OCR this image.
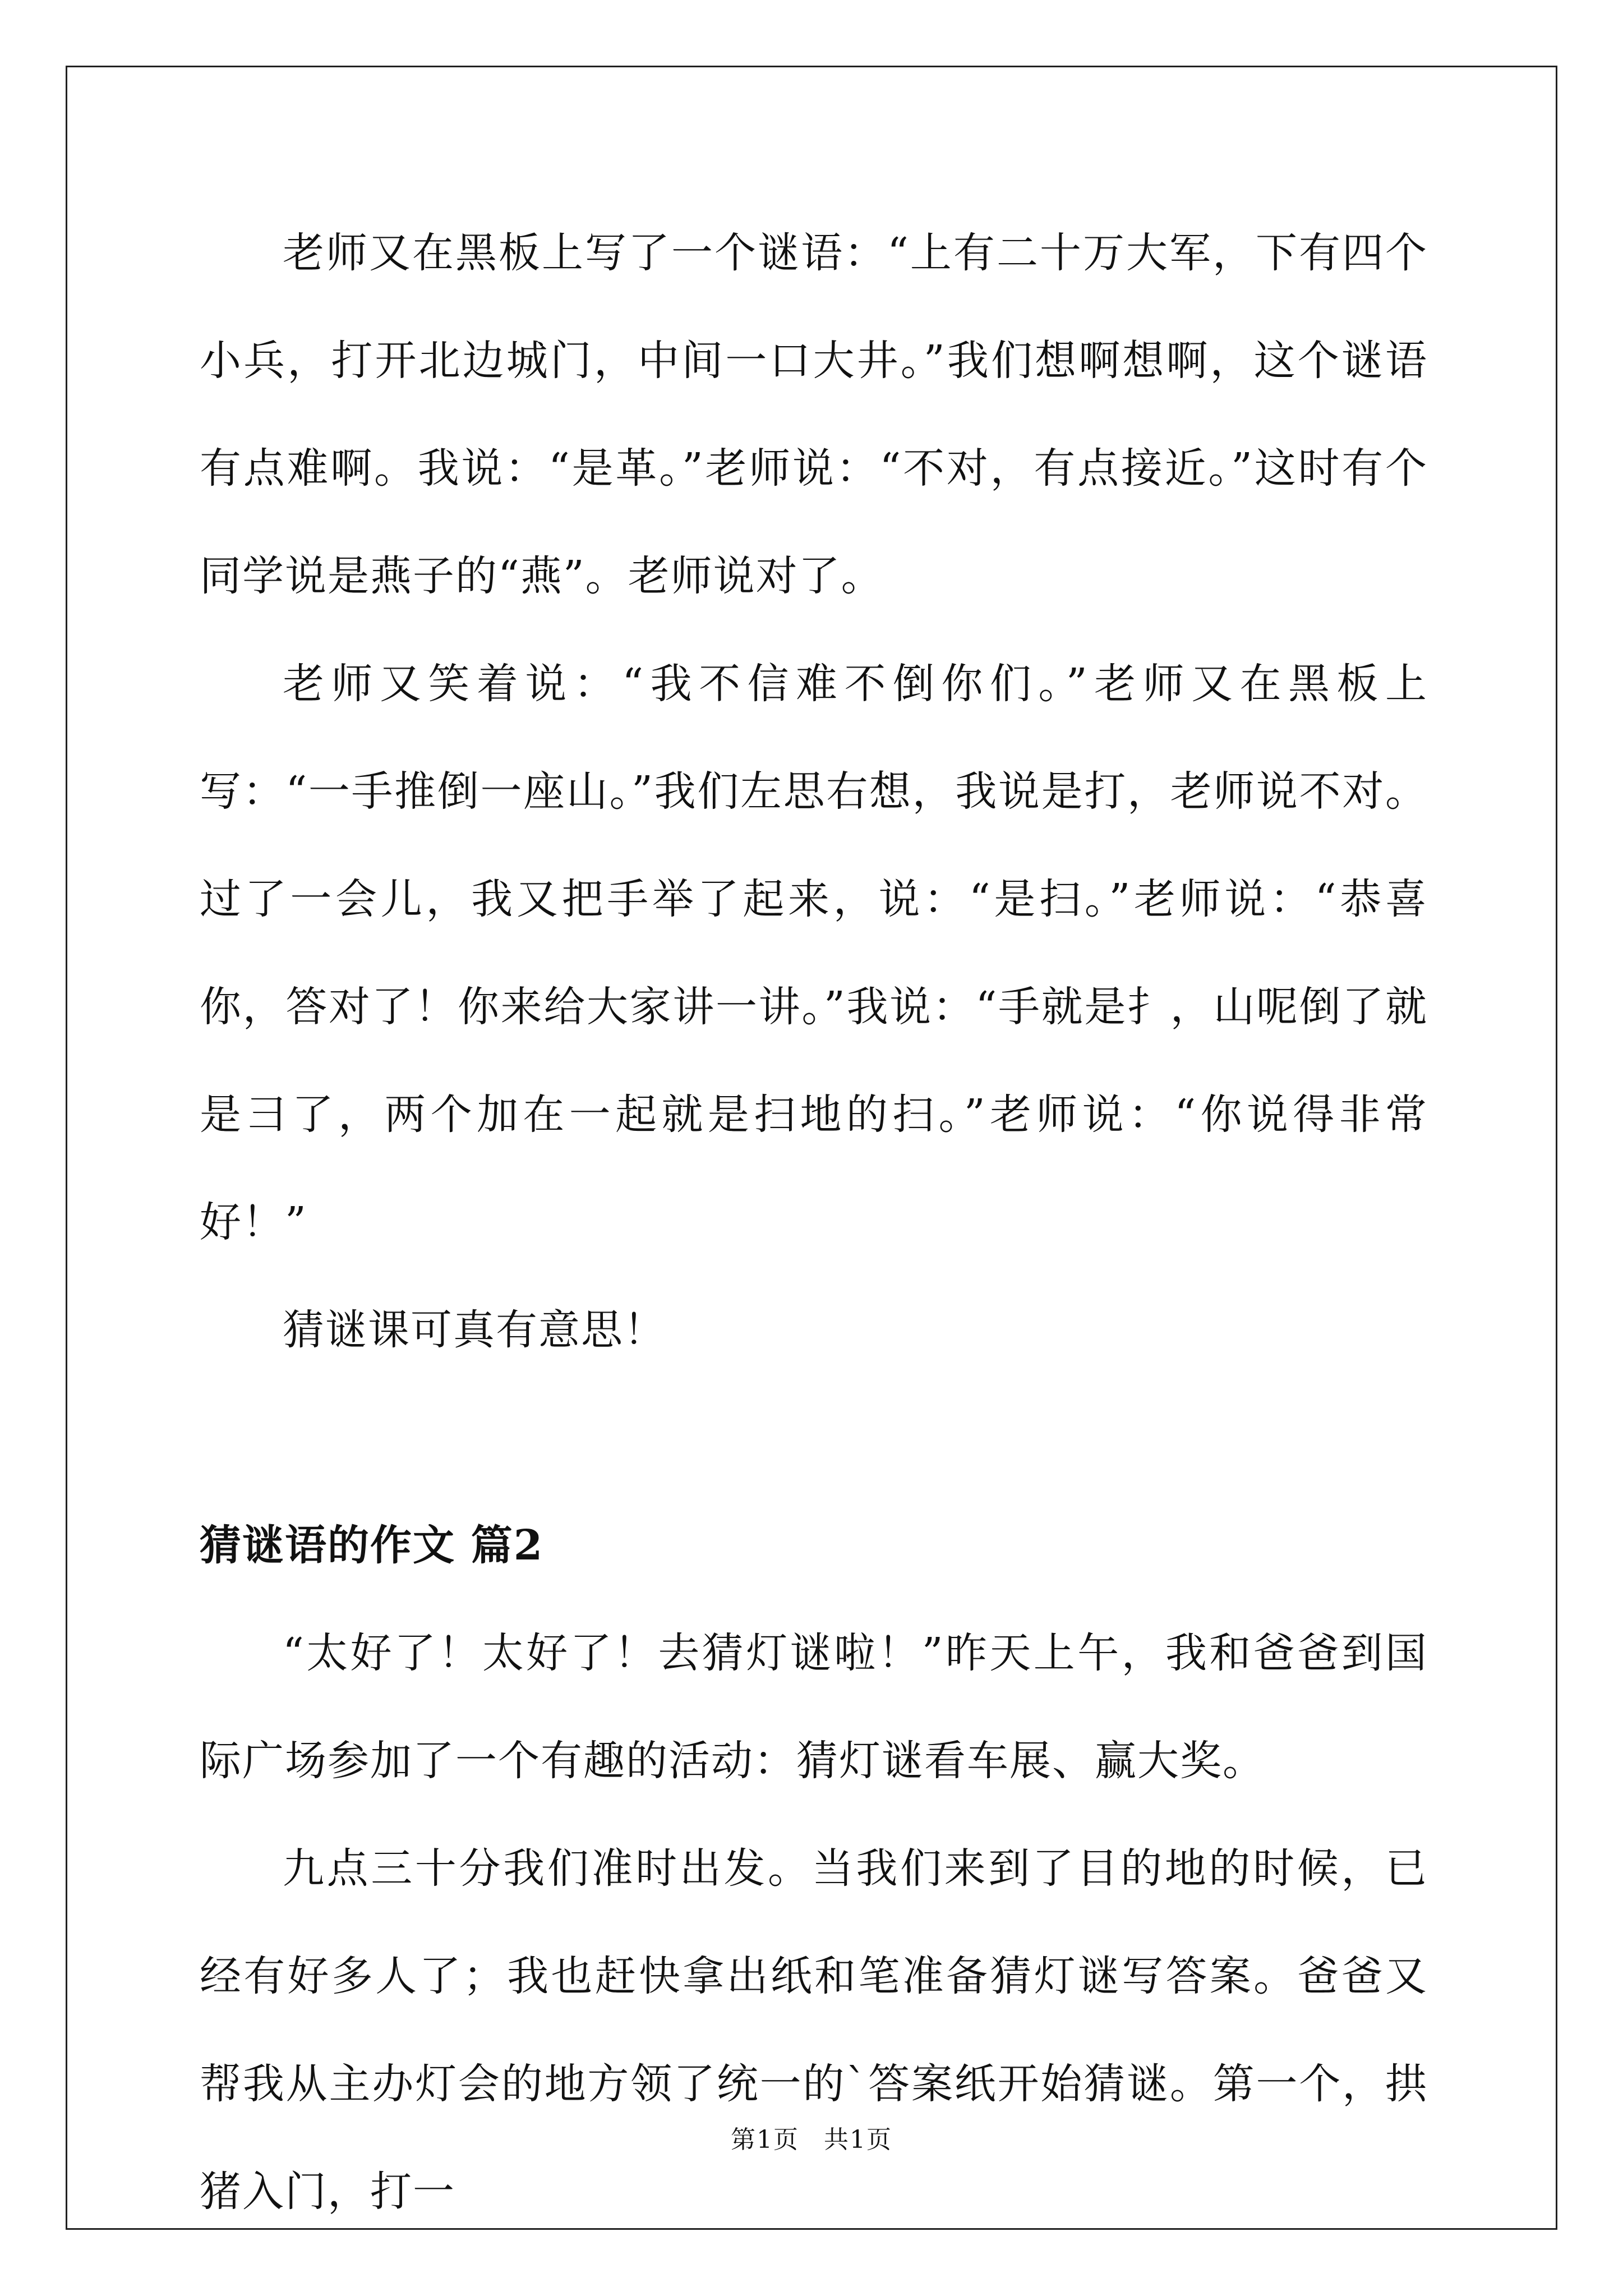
老师又在黑板上写了一个谜语：“上有二十万大军，下有四个小兵，打开北边城门，中间一口大井。”我们想啊想啊，这个谜语有点难啊。我说：“是革。”老师说：“不对，有点接近。”这时有个同学说是燕子的“燕”。老师说对了。

老师又笑着说：“我不信难不倒你们。”老师又在黑板上写：“一手推倒一座山。”我们左思右想，我说是打，老师说不对。过了一会儿，我又把手举了起来，说：“是扫。”老师说：“恭喜你，答对了！你来给大家讲一讲。”我说：“手就是扌，山呢倒了就是彐了，两个加在一起就是扫地的扫。”老师说：“你说得非常好！”

猜谜课可真有意思！

猜谜语的作文 篇2

“太好了！太好了！去猜灯谜啦！”昨天上午，我和爸爸到国际广场参加了一个有趣的活动：猜灯谜看车展、赢大奖。

九点三十分我们准时出发。当我们来到了目的地的时候，已经有好多人了；我也赶快拿出纸和笔准备猜灯谜写答案。爸爸又帮我从主办灯会的地方领了统一的`答案纸开始猜谜。第一个，拱猪入门，打一

第1页 共1页
